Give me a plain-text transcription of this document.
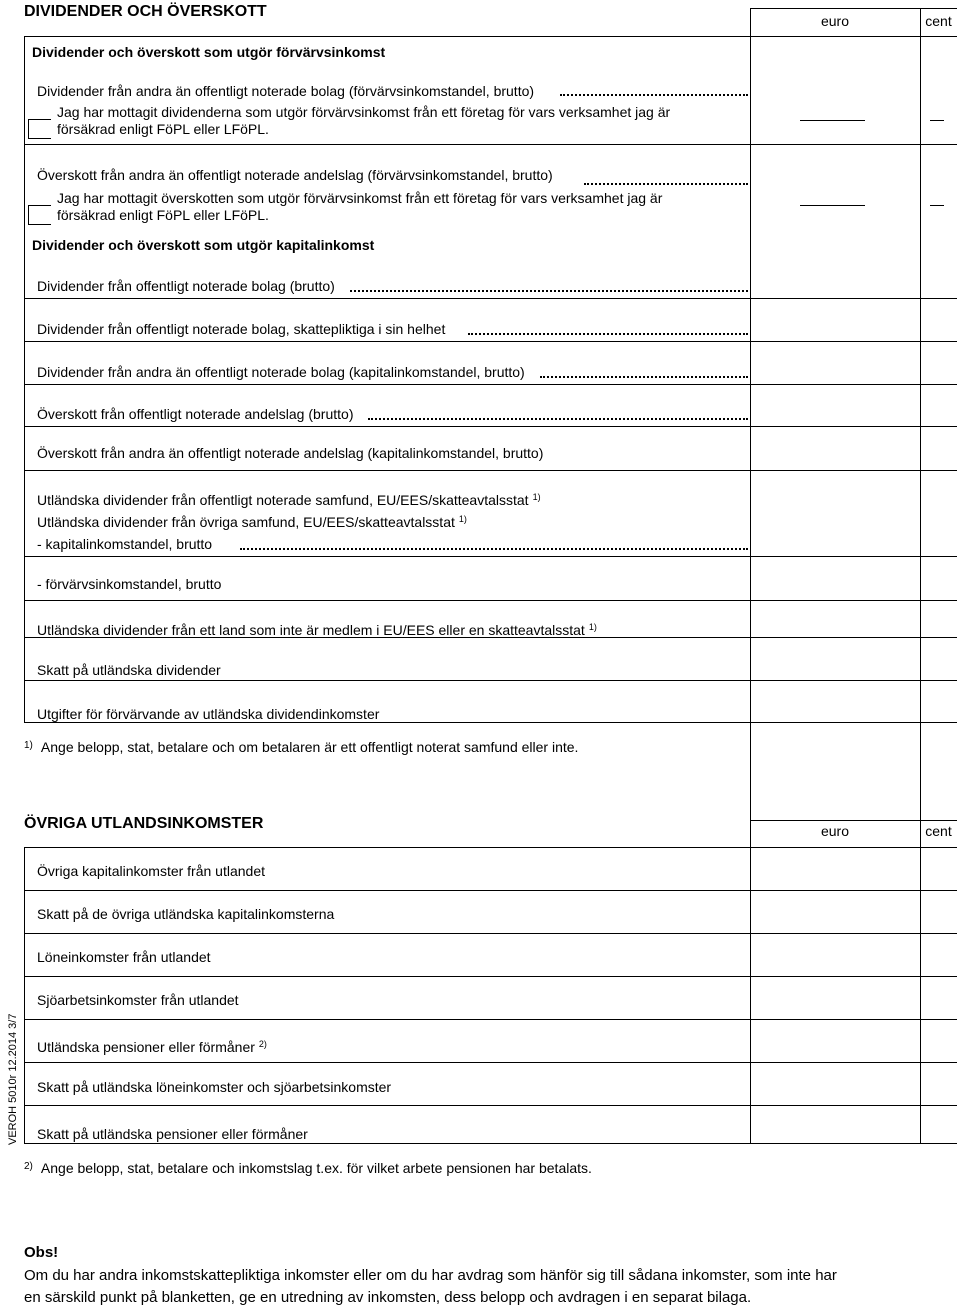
DIVIDENDER OCH ÖVERSKOTT
euro	cent
Dividender och överskott som utgör förvärvsinkomst
Dividender från andra än offentligt noterade bolag (förvärvsinkomstandel, brutto)
Jag har mottagit dividenderna som utgör förvärvsinkomst från ett företag för vars verksamhet jag är
försäkrad enligt FöPL eller LFöPL.
Överskott från andra än offentligt noterade andelslag (förvärvsinkomstandel, brutto)
Jag har mottagit överskotten som utgör förvärvsinkomst från ett företag för vars verksamhet jag är
försäkrad enligt FöPL eller LFöPL.
Dividender och överskott som utgör kapitalinkomst
Dividender från offentligt noterade bolag (brutto)
Dividender från offentligt noterade bolag, skattepliktiga i sin helhet
Dividender från andra än offentligt noterade bolag (kapitalinkomstandel, brutto)
Överskott från offentligt noterade andelslag (brutto)
Överskott från andra än offentligt noterade andelslag (kapitalinkomstandel, brutto)
Utländska dividender från offentligt noterade samfund, EU/EES/skatteavtalsstat $^{1)}$
Utländska dividender från övriga samfund, EU/EES/skatteavtalsstat $^{1)}$
- kapitalinkomstandel, brutto
- förvärvsinkomstandel, brutto
Utländska dividender från ett land som inte är medlem i EU/EES eller en skatteavtalsstat $^{1)}$
Skatt på utländska dividender
Utgifter för förvärvande av utländska dividendinkomster
$^{1)}$ Ange belopp, stat, betalare och om betalaren är ett offentligt noterat samfund eller inte.
ÖVRIGA UTLANDSINKOMSTER	euro	cent
Övriga kapitalinkomster från utlandet
Skatt på de övriga utländska kapitalinkomsterna
Löneinkomster från utlandet
Sjöarbetsinkomster från utlandet
Utländska pensioner eller förmåner $^{2)}$
Skatt på utländska löneinkomster och sjöarbetsinkomster
Skatt på utländska pensioner eller förmåner
$^{2)}$ Ange belopp, stat, betalare och inkomstslag t.ex. för vilket arbete pensionen har betalats.
Obs!
Om du har andra inkomstskattepliktiga inkomster eller om du har avdrag som hänför sig till sådana inkomster, som inte har
en särskild punkt på blanketten, ge en utredning av inkomsten, dess belopp och avdragen i en separat bilaga.
VEROH 5010r 12.2014 3/7
